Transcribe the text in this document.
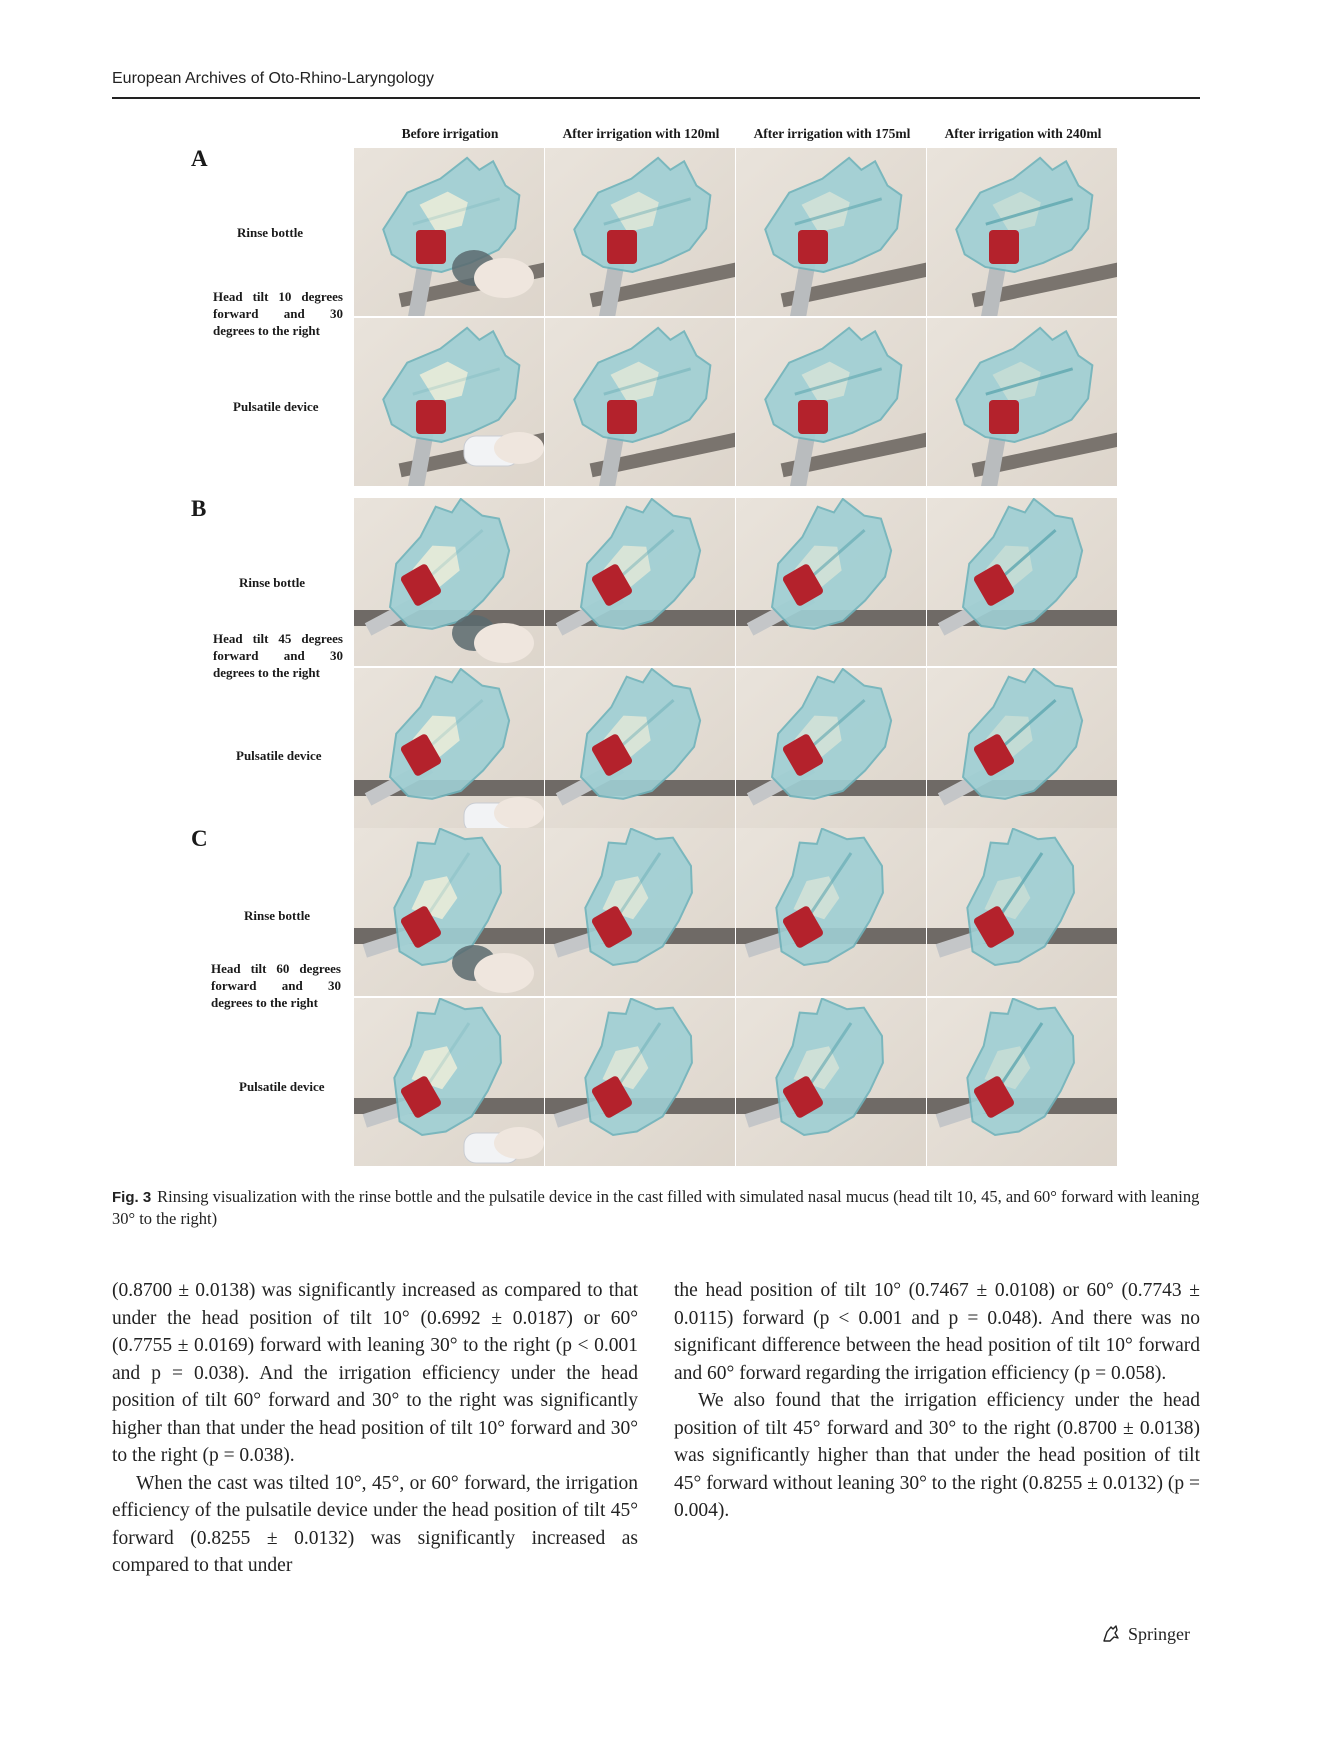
European Archives of Oto-Rhino-Laryngology
Before irrigation	After irrigation with 120ml	After irrigation with 175ml	After irrigation with 240ml
A
Rinse bottle
Head tilt 10 degrees forward and 30 degrees to the right
Pulsatile device
B
Rinse bottle
Head tilt 45 degrees forward and 30 degrees to the right
Pulsatile device
C
Rinse bottle
Head tilt 60 degrees forward and 30 degrees to the right
Pulsatile device
Fig. 3 Rinsing visualization with the rinse bottle and the pulsatile device in the cast filled with simulated nasal mucus (head tilt 10, 45, and 60° forward with leaning 30° to the right)

(0.8700 ± 0.0138) was significantly increased as compared to that under the head position of tilt 10° (0.6992 ± 0.0187) or 60° (0.7755 ± 0.0169) forward with leaning 30° to the right (p < 0.001 and p = 0.038). And the irrigation efficiency under the head position of tilt 60° forward and 30° to the right was significantly higher than that under the head position of tilt 10° forward and 30° to the right (p = 0.038).

When the cast was tilted 10°, 45°, or 60° forward, the irrigation efficiency of the pulsatile device under the head position of tilt 45° forward (0.8255 ± 0.0132) was significantly increased as compared to that under

the head position of tilt 10° (0.7467 ± 0.0108) or 60° (0.7743 ± 0.0115) forward (p < 0.001 and p = 0.048). And there was no significant difference between the head position of tilt 10° forward and 60° forward regarding the irrigation efficiency (p = 0.058).

We also found that the irrigation efficiency under the head position of tilt 45° forward and 30° to the right (0.8700 ± 0.0138) was significantly higher than that under the head position of tilt 45° forward without leaning 30° to the right (0.8255 ± 0.0132) (p = 0.004).

Springer
